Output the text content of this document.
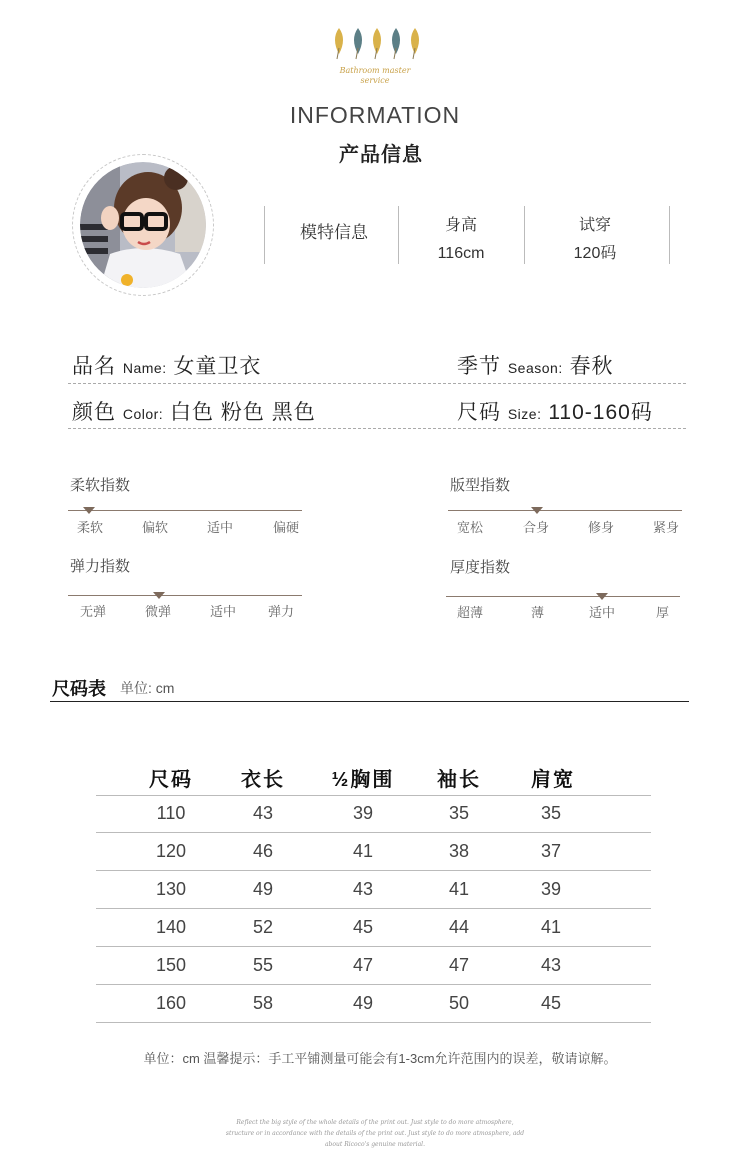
Bathroom master
service
INFORMATION
产品信息
模特信息	身高
116cm
试穿
120码
品名 Name: 女童卫衣	季节 Season: 春秋
颜色 Color: 白色 粉色 黑色	尺码 Size: 110-160码
柔软指数
柔软	偏软	适中	偏硬
版型指数
宽松	合身	修身	紧身
弹力指数
无弹	微弹	适中 弹力
厚度指数
超薄	薄	适中	厚
尺码表 单位: cm
尺码	衣长	½胸围	袖长	肩宽
110	43	39	35	35
120	46	41	38	37
130	49	43	41	39
140	52	45	44	41
150	55	47	47	43
160	58	49	50	45
单位：cm 温馨提示：手工平铺测量可能会有1-3cm允许范围内的误差，敬请谅解。
Reflect the big style of the whole details of the print out. Just style to do more atmosphere,
structure or in accordance with the details of the print out. Just style to do more atmosphere, add
about Ricoco's genuine material.
